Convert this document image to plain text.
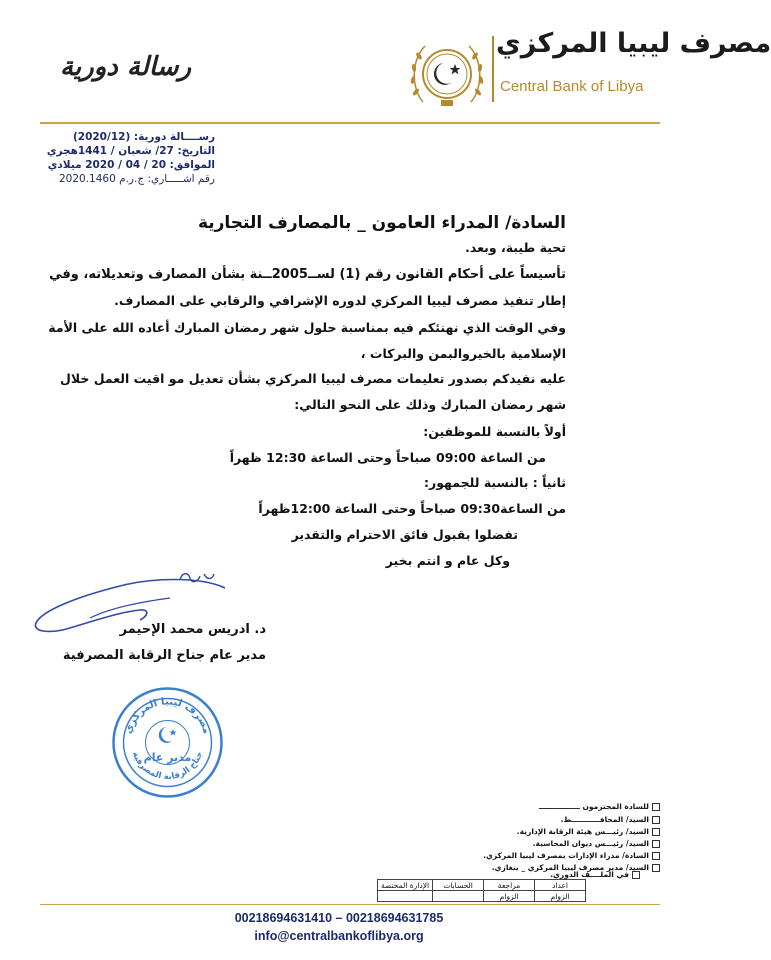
رسالة دورية
مصرف ليبيا المركزي
Central Bank of Libya
رســــالة دورية: (2020/12)
التاريخ: 27/ شعبان / 1441هجري
الموافق: 20 / 04 / 2020 ميلادي
رقم اشـــــاري: ج.ر.م 2020.1460
السادة/ المدراء العامون _ بالمصارف التجارية
تحية طيبة، وبعد.
تأسيساً على أحكام القانون رقم (1) لســ2005ــنة بشأن المصارف وتعديلاته، وفي
إطار تنفيذ مصرف ليبيا المركزي لدوره الإشرافي والرقابي على المصارف.
وفي الوقت الذي نهنئكم فيه بمناسبة حلول شهر رمضان المبارك أعاده الله على الأمة
الإسلامية بالخيروالبمن والبركات ،
عليه نفيدكم بصدور تعليمات مصرف ليبيا المركزي بشأن تعديل مو اقيت العمل خلال
شهر رمضان المبارك وذلك على النحو التالي:
أولاً بالنسبة للموظفين:
من الساعة 09:00 صباحاً وحتى الساعة 12:30 ظهراً
ثانياً : بالنسبة للجمهور:
من الساعة09:30 صباحاً وحتى الساعة 12:00ظهراً
تفضلوا بقبول فائق الاحترام والتقدير
وكل عام و انتم بخير
د. ادريس محمد الإحيمر
مدير عام جناح الرقابة المصرفية
مصرف ليبيا المركزي
جناح الرقابة المصرفية
مدير عام
للسادة المحترمون ــــــــــــــــ
السيد/ المحافـــــــــــظ.
السيد/ رئيـــس هيئة الرقابة الإدارية.
السيد/ رئيـــس ديوان المحاسبة.
السادة/ مدراء الإدارات بمصرف ليبيا المركزي.
السيد/ مدير مصرف ليبيا المركزي _ بنغازي.
في الملــــف الدوري.
اعداد	مراجعة	الحسابات	الإدارة المختصة
الزوام	الزوام		
00218694631410 – 00218694631785
info@centralbankoflibya.org
